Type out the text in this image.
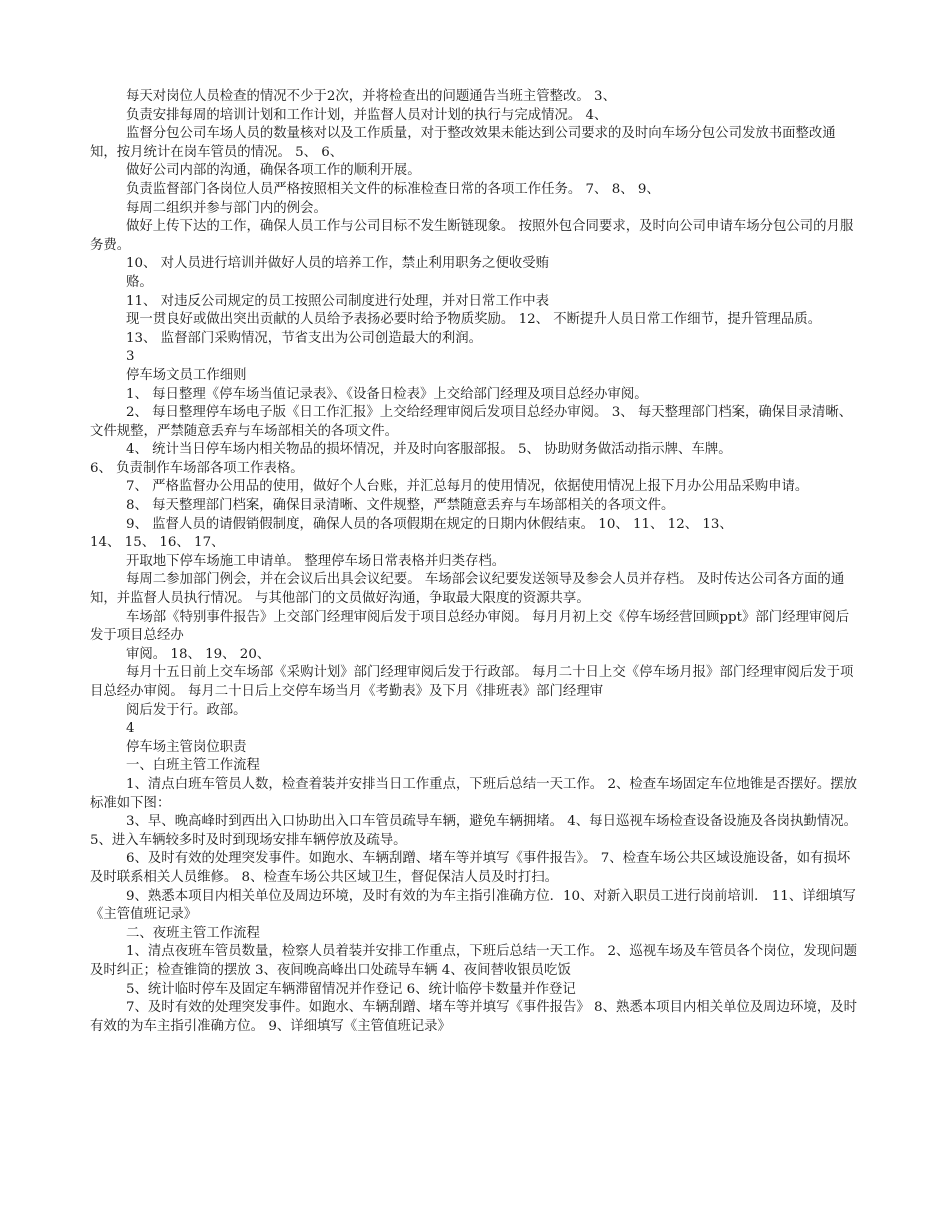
每天对岗位人员检查的情况不少于2次，并将检查出的问题通告当班主管整改。 3、

负责安排每周的培训计划和工作计划，并监督人员对计划的执行与完成情况。 4、

监督分包公司车场人员的数量核对以及工作质量，对于整改效果未能达到公司要求的及时向车场分包公司发放书面整改通知，按月统计在岗车管员的情况。 5、 6、

做好公司内部的沟通，确保各项工作的顺利开展。

负责监督部门各岗位人员严格按照相关文件的标准检查日常的各项工作任务。 7、 8、 9、

每周二组织并参与部门内的例会。

做好上传下达的工作，确保人员工作与公司目标不发生断链现象。 按照外包合同要求，及时向公司申请车场分包公司的月服务费。

10、 对人员进行培训并做好人员的培养工作，禁止利用职务之便收受贿

赂。

11、 对违反公司规定的员工按照公司制度进行处理，并对日常工作中表

现一贯良好或做出突出贡献的人员给予表扬必要时给予物质奖励。 12、 不断提升人员日常工作细节，提升管理品质。

13、 监督部门采购情况，节省支出为公司创造最大的利润。

3

停车场文员工作细则

1、 每日整理《停车场当值记录表》、《设备日检表》上交给部门经理及项目总经办审阅。

2、 每日整理停车场电子版《日工作汇报》上交给经理审阅后发项目总经办审阅。 3、 每天整理部门档案，确保目录清晰、文件规整，严禁随意丢弃与车场部相关的各项文件。

4、 统计当日停车场内相关物品的损坏情况，并及时向客服部报。 5、 协助财务做活动指示牌、车牌。

6、 负责制作车场部各项工作表格。

7、 严格监督办公用品的使用，做好个人台账，并汇总每月的使用情况，依据使用情况上报下月办公用品采购申请。

8、 每天整理部门档案，确保目录清晰、文件规整，严禁随意丢弃与车场部相关的各项文件。

9、 监督人员的请假销假制度，确保人员的各项假期在规定的日期内休假结束。 10、 11、 12、 13、

14、 15、 16、 17、

开取地下停车场施工申请单。 整理停车场日常表格并归类存档。

每周二参加部门例会，并在会议后出具会议纪要。 车场部会议纪要发送领导及参会人员并存档。 及时传达公司各方面的通知，并监督人员执行情况。 与其他部门的文员做好沟通，争取最大限度的资源共享。

车场部《特别事件报告》上交部门经理审阅后发于项目总经办审阅。 每月月初上交《停车场经营回顾ppt》部门经理审阅后发于项目总经办

审阅。 18、 19、 20、

每月十五日前上交车场部《采购计划》部门经理审阅后发于行政部。 每月二十日上交《停车场月报》部门经理审阅后发于项目总经办审阅。 每月二十日后上交停车场当月《考勤表》及下月《排班表》部门经理审

阅后发于行。政部。

4

停车场主管岗位职责

一、白班主管工作流程

1、清点白班车管员人数，检查着装并安排当日工作重点，下班后总结一天工作。 2、检查车场固定车位地锥是否摆好。摆放标准如下图：

3、早、晚高峰时到西出入口协助出入口车管员疏导车辆，避免车辆拥堵。 4、每日巡视车场检查设备设施及各岗执勤情况。 5、进入车辆较多时及时到现场安排车辆停放及疏导。

6、及时有效的处理突发事件。如跑水、车辆刮蹭、堵车等并填写《事件报告》。 7、检查车场公共区域设施设备，如有损坏及时联系相关人员维修。 8、检查车场公共区域卫生，督促保洁人员及时打扫。

9、熟悉本项目内相关单位及周边环境，及时有效的为车主指引准确方位．10、对新入职员工进行岗前培训． 11、详细填写《主管值班记录》

二、夜班主管工作流程

1、清点夜班车管员数量，检察人员着装并安排工作重点，下班后总结一天工作。 2、巡视车场及车管员各个岗位，发现问题及时纠正；检查锥筒的摆放 3、夜间晚高峰出口处疏导车辆 4、夜间替收银员吃饭

5、统计临时停车及固定车辆滞留情况并作登记 6、统计临停卡数量并作登记

7、及时有效的处理突发事件。如跑水、车辆刮蹭、堵车等并填写《事件报告》 8、熟悉本项目内相关单位及周边环境，及时有效的为车主指引准确方位。 9、详细填写《主管值班记录》
